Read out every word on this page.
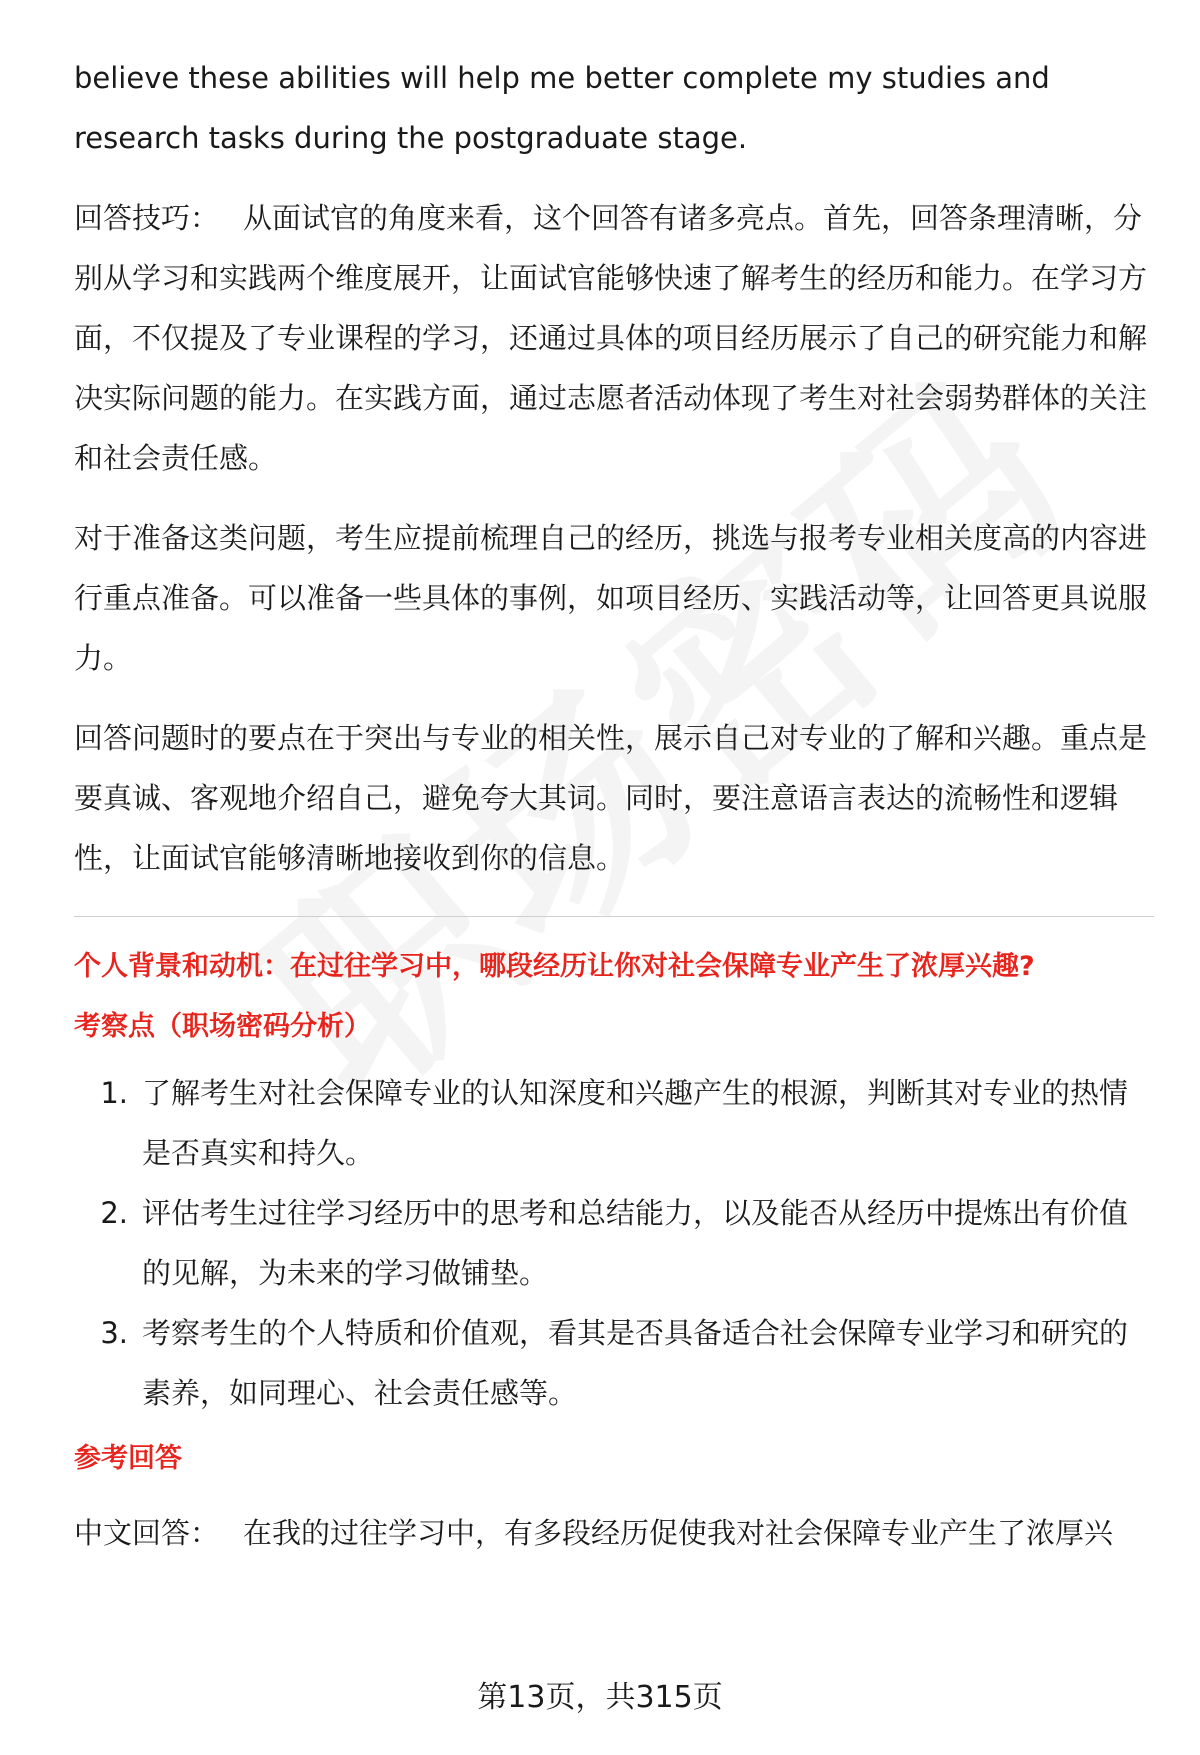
believe these abilities will help me better complete my studies and research tasks during the postgraduate stage.

回答技巧： 从面试官的角度来看，这个回答有诸多亮点。首先，回答条理清晰，分别从学习和实践两个维度展开，让面试官能够快速了解考生的经历和能力。在学习方面，不仅提及了专业课程的学习，还通过具体的项目经历展示了自己的研究能力和解决实际问题的能力。在实践方面，通过志愿者活动体现了考生对社会弱势群体的关注和社会责任感。

对于准备这类问题，考生应提前梳理自己的经历，挑选与报考专业相关度高的内容进行重点准备。可以准备一些具体的事例，如项目经历、实践活动等，让回答更具说服力。

回答问题时的要点在于突出与专业的相关性，展示自己对专业的了解和兴趣。重点是要真诚、客观地介绍自己，避免夸大其词。同时，要注意语言表达的流畅性和逻辑性，让面试官能够清晰地接收到你的信息。

个人背景和动机：在过往学习中，哪段经历让你对社会保障专业产生了浓厚兴趣?

考察点（职场密码分析）

1. 了解考生对社会保障专业的认知深度和兴趣产生的根源，判断其对专业的热情是否真实和持久。
2. 评估考生过往学习经历中的思考和总结能力，以及能否从经历中提炼出有价值的见解，为未来的学习做铺垫。
3. 考察考生的个人特质和价值观，看其是否具备适合社会保障专业学习和研究的素养，如同理心、社会责任感等。

参考回答

中文回答： 在我的过往学习中，有多段经历促使我对社会保障专业产生了浓厚兴

第13页，共315页
